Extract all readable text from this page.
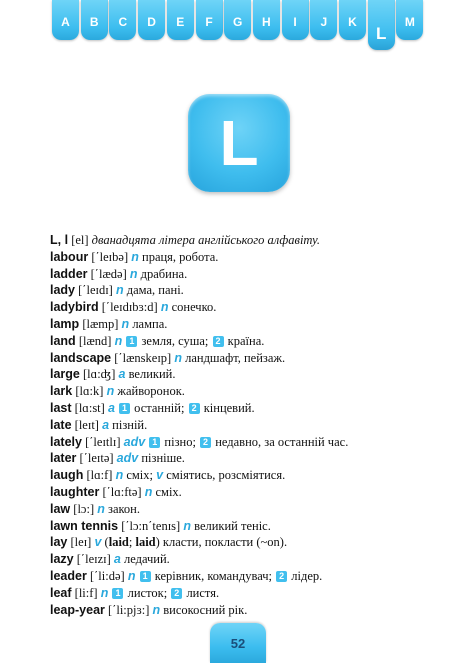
A	B	C	D	E	F	G	H	I	J	K
L
M
L
L, l [el] дванадцята літера англійського алфавіту.
labour [΄leɪbə] n праця, робота.
ladder [΄lædə] n драбина.
lady [΄leɪdɪ] n дама, пані.
ladybird [΄leɪdɪbɜ:d] n сонечко.
lamp [læmp] n лампа.
land [lænd] n 1 земля, суша; 2 країна.
landscape [΄lænskeɪp] n ландшафт, пейзаж.
large [lɑ:ʤ] a великий.
lark [lɑ:k] n жайворонок.
last [lɑ:st] a 1 останній; 2 кінцевий.
late [leɪt] a пізній.
lately [΄leɪtlɪ] adv 1 пізно; 2 недавно, за останній час.
later [΄leɪtə] adv пізніше.
laugh [lɑ:f] n сміх; v сміятись, розсміятися.
laughter [΄lɑ:ftə] n сміх.
law [lɔ:] n закон.
lawn tennis [΄lɔ:n΄tenɪs] n великий теніс.
lay [leɪ] v (laid; laid) класти, покласти (~on).
lazy [΄leɪzɪ] a ледачий.
leader [΄li:də] n 1 керівник, командувач; 2 лідер.
leaf [li:f] n 1 листок; 2 листя.
leap-year [΄li:pjɜ:] n високосний рік.
52
